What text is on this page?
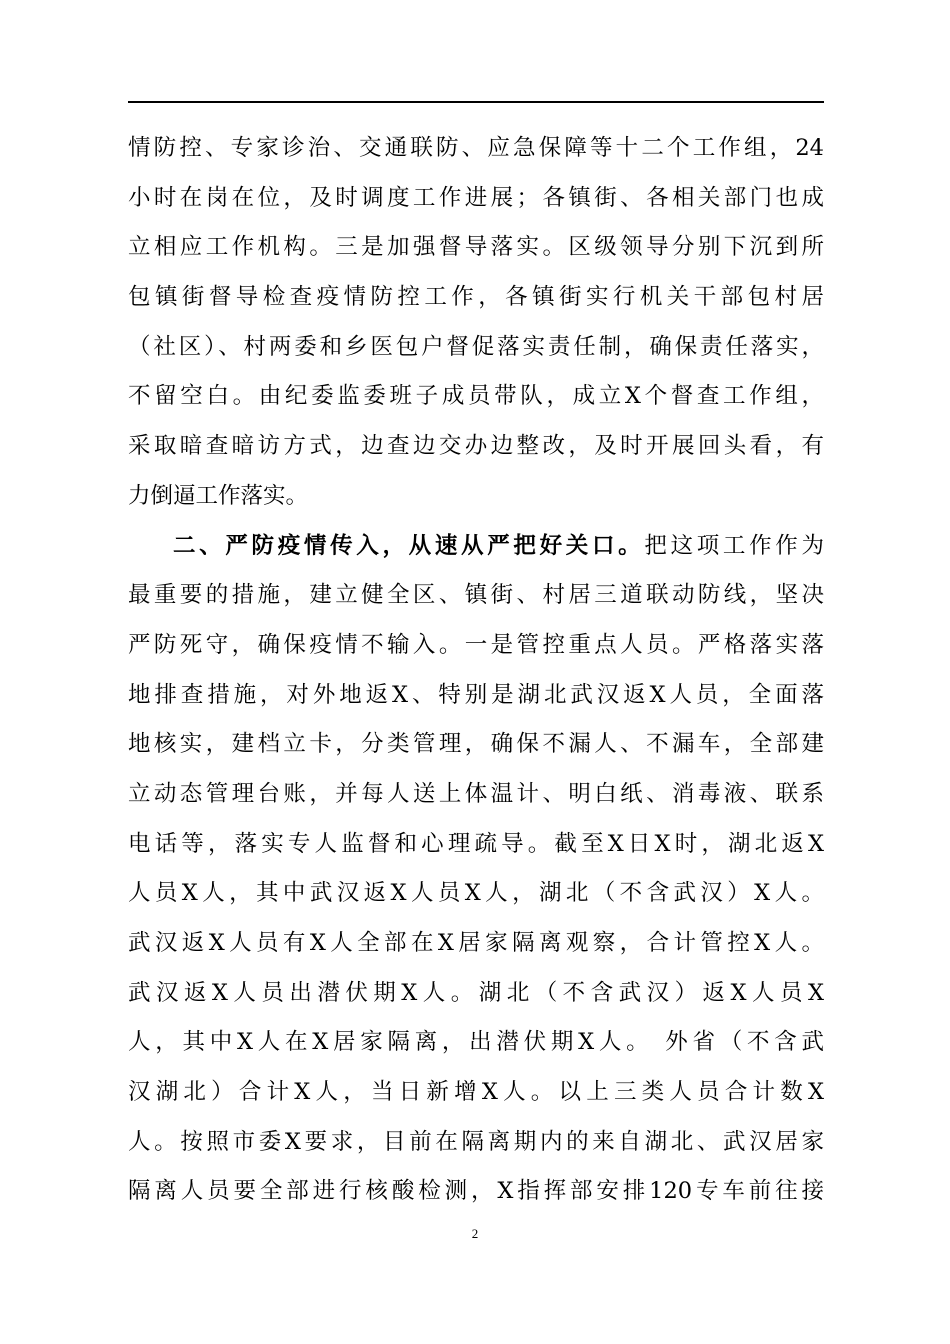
情防控、专家诊治、交通联防、应急保障等十二个工作组，24
小时在岗在位，及时调度工作进展；各镇街、各相关部门也成
立相应工作机构。三是加强督导落实。区级领导分别下沉到所
包镇街督导检查疫情防控工作，各镇街实行机关干部包村居
（社区）、村两委和乡医包户督促落实责任制，确保责任落实，
不留空白。由纪委监委班子成员带队，成立X个督查工作组，
采取暗查暗访方式，边查边交办边整改，及时开展回头看，有
力倒逼工作落实。
二、严防疫情传入，从速从严把好关口。把这项工作作为
最重要的措施，建立健全区、镇街、村居三道联动防线，坚决
严防死守，确保疫情不输入。一是管控重点人员。严格落实落
地排查措施，对外地返X、特别是湖北武汉返X人员，全面落
地核实，建档立卡，分类管理，确保不漏人、不漏车，全部建
立动态管理台账，并每人送上体温计、明白纸、消毒液、联系
电话等，落实专人监督和心理疏导。截至X日X时，湖北返X
人员X人，其中武汉返X人员X人，湖北（不含武汉）X人。
武汉返X人员有X人全部在X居家隔离观察，合计管控X人。
武汉返X人员出潜伏期X人。湖北（不含武汉）返X人员X
人，其中X人在X居家隔离，出潜伏期X人。 外省（不含武
汉湖北）合计X人，当日新增X人。以上三类人员合计数X
人。按照市委X要求，目前在隔离期内的来自湖北、武汉居家
隔离人员要全部进行核酸检测，X指挥部安排120专车前往接
2
